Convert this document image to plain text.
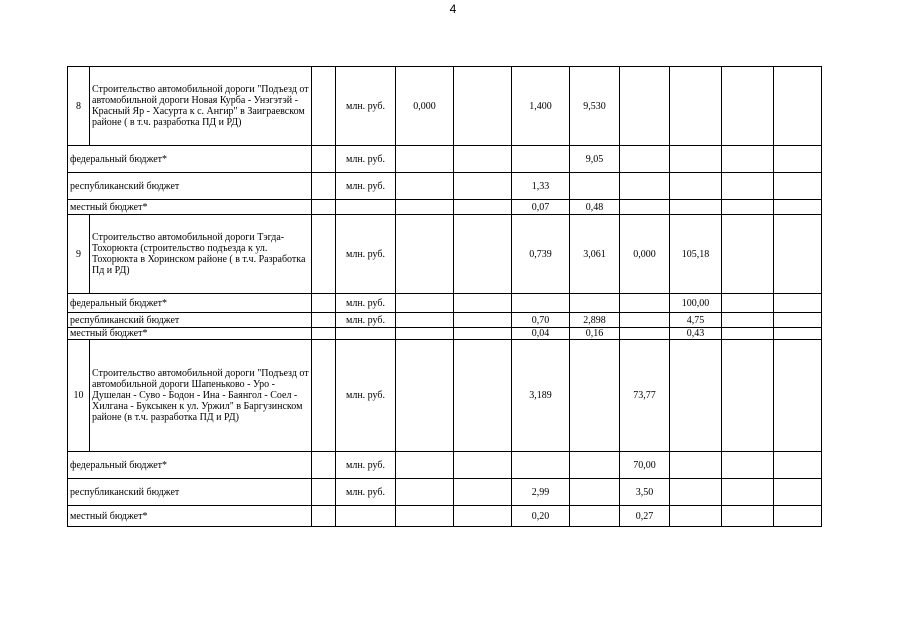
4
8	Строительство автомобильной дороги "Подъезд от автомобильной дороги Новая Курба - Унэгэтэй - Красный Яр - Хасурта к с. Ангир" в Заиграевском районе ( в т.ч. разработка ПД и РД)		млн. руб.	0,000		1,400	9,530				
федеральный бюджет*			млн. руб.				9,05				
республиканский бюджет			млн. руб.			1,33					
местный бюджет*						0,07	0,48				
9	Строительство автомобильной дороги Тэгда-Тохорюкта (строительство подъезда к ул. Тохорюкта в Хоринском районе ( в т.ч. Разработка Пд и РД)		млн. руб.			0,739	3,061	0,000	105,18		
федеральный бюджет*			млн. руб.						100,00		
республиканский бюджет			млн. руб.			0,70	2,898		4,75		
местный бюджет*						0,04	0,16		0,43		
10	Строительство автомобильной дороги "Подъезд от автомобильной дороги Шапеньково - Уро - Душелан - Суво - Бодон - Ина - Баянгол - Соел - Хилгана - Буксыкен к ул. Уржил" в Баргузинском районе (в т.ч. разработка ПД и РД)		млн. руб.			3,189		73,77			
федеральный бюджет*			млн. руб.					70,00			
республиканский бюджет			млн. руб.			2,99		3,50			
местный бюджет*						0,20		0,27			
